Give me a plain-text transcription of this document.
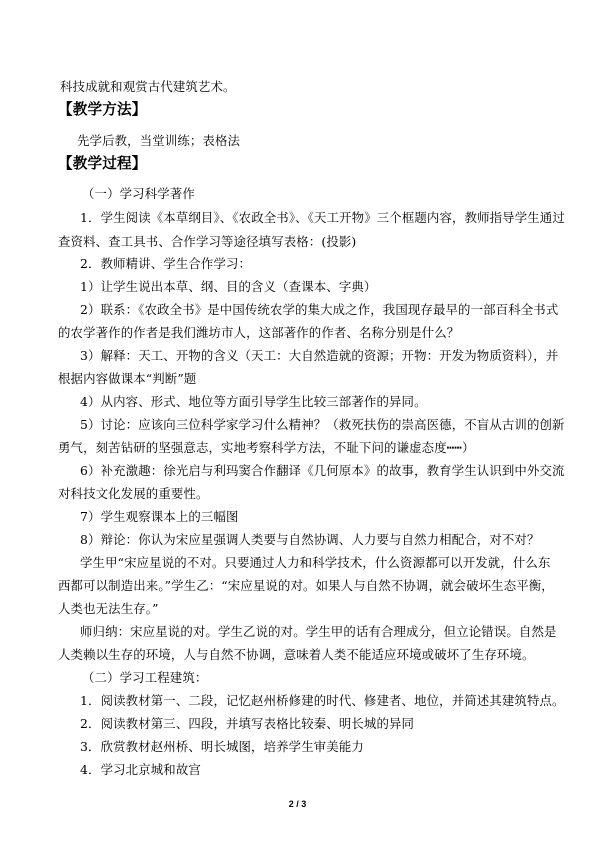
科技成就和观赏古代建筑艺术。
【教学方法】
先学后教，当堂训练；表格法
【教学过程】
（一）学习科学著作
1．学生阅读《本草纲目》、《农政全书》、《天工开物》三个框题内容，教师指导学生通过
查资料、查工具书、合作学习等途径填写表格：(投影)
2．教师精讲、学生合作学习：
1）让学生说出本草、纲、目的含义（查课本、字典）
2）联系：《农政全书》是中国传统农学的集大成之作，我国现存最早的一部百科全书式
的农学著作的作者是我们潍坊市人，这部著作的作者、名称分别是什么？
3）解释：天工、开物的含义（天工：大自然造就的资源；开物：开发为物质资料），并
根据内容做课本“判断”题
4）从内容、形式、地位等方面引导学生比较三部著作的异同。
5）讨论：应该向三位科学家学习什么精神？（救死扶伤的崇高医德，不盲从古训的创新
勇气，刻苦钻研的坚强意志，实地考察科学方法，不耻下问的谦虚态度┅┅）
6）补充激趣：徐光启与利玛窦合作翻译《几何原本》的故事，教育学生认识到中外交流
对科技文化发展的重要性。
7）学生观察课本上的三幅图
8）辩论：你认为宋应星强调人类要与自然协调、人力要与自然力相配合，对不对？
学生甲“宋应星说的不对。只要通过人力和科学技术，什么资源都可以开发就，什么东
西都可以制造出来。”学生乙：“宋应星说的对。如果人与自然不协调，就会破坏生态平衡，
人类也无法生存。”
师归纳：宋应星说的对。学生乙说的对。学生甲的话有合理成分，但立论错误。自然是
人类赖以生存的环境，人与自然不协调，意味着人类不能适应环境或破坏了生存环境。
（二）学习工程建筑：
1．阅读教材第一、二段，记忆赵州桥修建的时代、修建者、地位，并简述其建筑特点。
2．阅读教材第三、四段，并填写表格比较秦、明长城的异同
3．欣赏教材赵州桥、明长城图，培养学生审美能力
4．学习北京城和故宫
2 / 3
